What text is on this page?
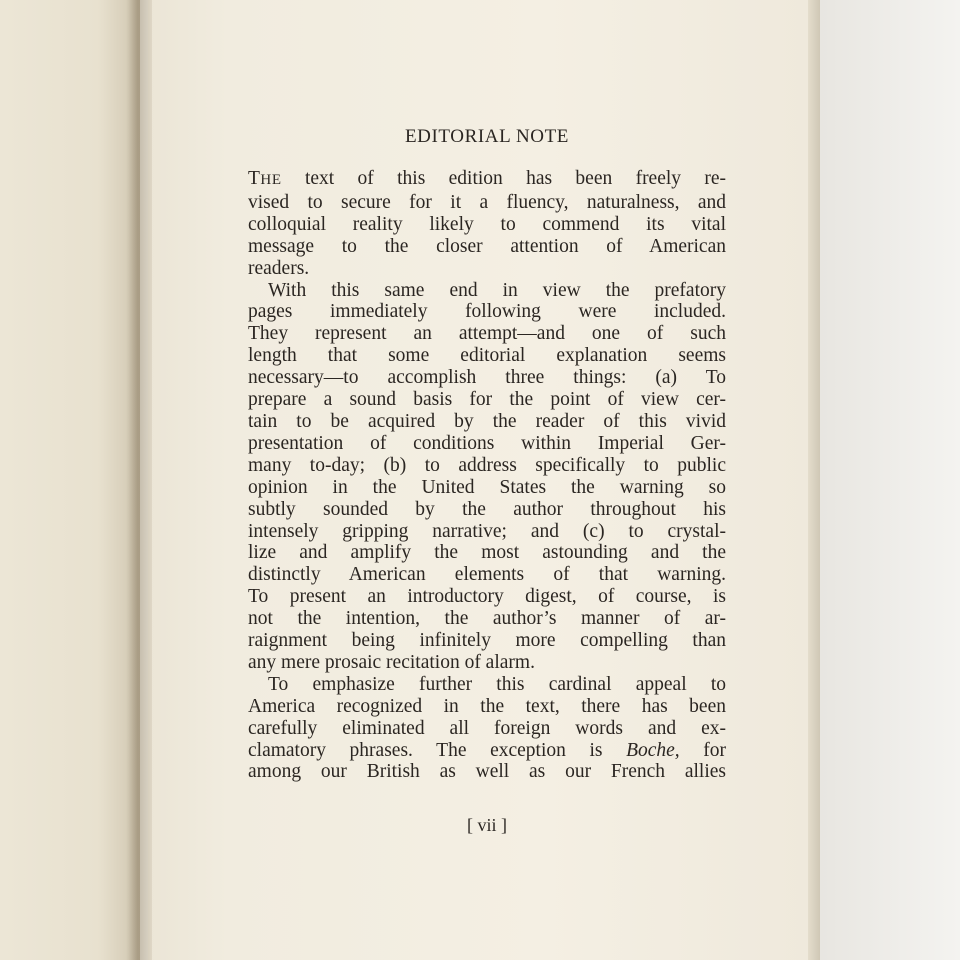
EDITORIAL NOTE
THE text of this edition has been freely re-
vised to secure for it a fluency, naturalness, and
colloquial reality likely to commend its vital
message to the closer attention of American
readers.
With this same end in view the prefatory
pages immediately following were included.
They represent an attempt—and one of such
length that some editorial explanation seems
necessary—to accomplish three things: (a) To
prepare a sound basis for the point of view cer-
tain to be acquired by the reader of this vivid
presentation of conditions within Imperial Ger-
many to-day; (b) to address specifically to public
opinion in the United States the warning so
subtly sounded by the author throughout his
intensely gripping narrative; and (c) to crystal-
lize and amplify the most astounding and the
distinctly American elements of that warning.
To present an introductory digest, of course, is
not the intention, the author’s manner of ar-
raignment being infinitely more compelling than
any mere prosaic recitation of alarm.
To emphasize further this cardinal appeal to
America recognized in the text, there has been
carefully eliminated all foreign words and ex-
clamatory phrases. The exception is Boche, for
among our British as well as our French allies
[ vii ]
